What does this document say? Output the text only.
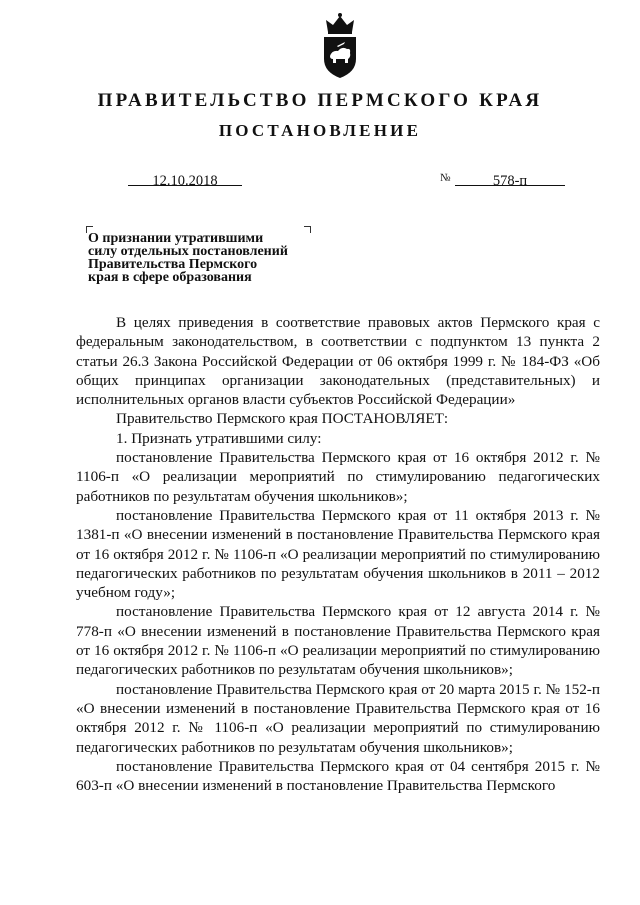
ПРАВИТЕЛЬСТВО ПЕРМСКОГО КРАЯ
ПОСТАНОВЛЕНИЕ
12.10.2018	№	578-п
О признании утратившими
силу отдельных постановлений
Правительства Пермского
края в сфере образования

В целях приведения в соответствие правовых актов Пермского края с федеральным законодательством, в соответствии с подпунктом 13 пункта 2 статьи 26.3 Закона Российской Федерации от 06 октября 1999 г. № 184-ФЗ «Об общих принципах организации законодательных (представительных) и исполнительных органов власти субъектов Российской Федерации»

Правительство Пермского края ПОСТАНОВЛЯЕТ:

1. Признать утратившими силу:

постановление Правительства Пермского края от 16 октября 2012 г. № 1106-п «О реализации мероприятий по стимулированию педагогических работников по результатам обучения школьников»;

постановление Правительства Пермского края от 11 октября 2013 г. № 1381-п «О внесении изменений в постановление Правительства Пермского края от 16 октября 2012 г. № 1106-п «О реализации мероприятий по стимулированию педагогических работников по результатам обучения школьников в 2011 – 2012 учебном году»;

постановление Правительства Пермского края от 12 августа 2014 г. № 778-п «О внесении изменений в постановление Правительства Пермского края от 16 октября 2012 г. № 1106-п «О реализации мероприятий по стимулированию педагогических работников по результатам обучения школьников»;

постановление Правительства Пермского края от 20 марта 2015 г. № 152-п «О внесении изменений в постановление Правительства Пермского края от 16 октября 2012 г. № 1106-п «О реализации мероприятий по стимулированию педагогических работников по результатам обучения школьников»;

постановление Правительства Пермского края от 04 сентября 2015 г. № 603-п «О внесении изменений в постановление Правительства Пермского
